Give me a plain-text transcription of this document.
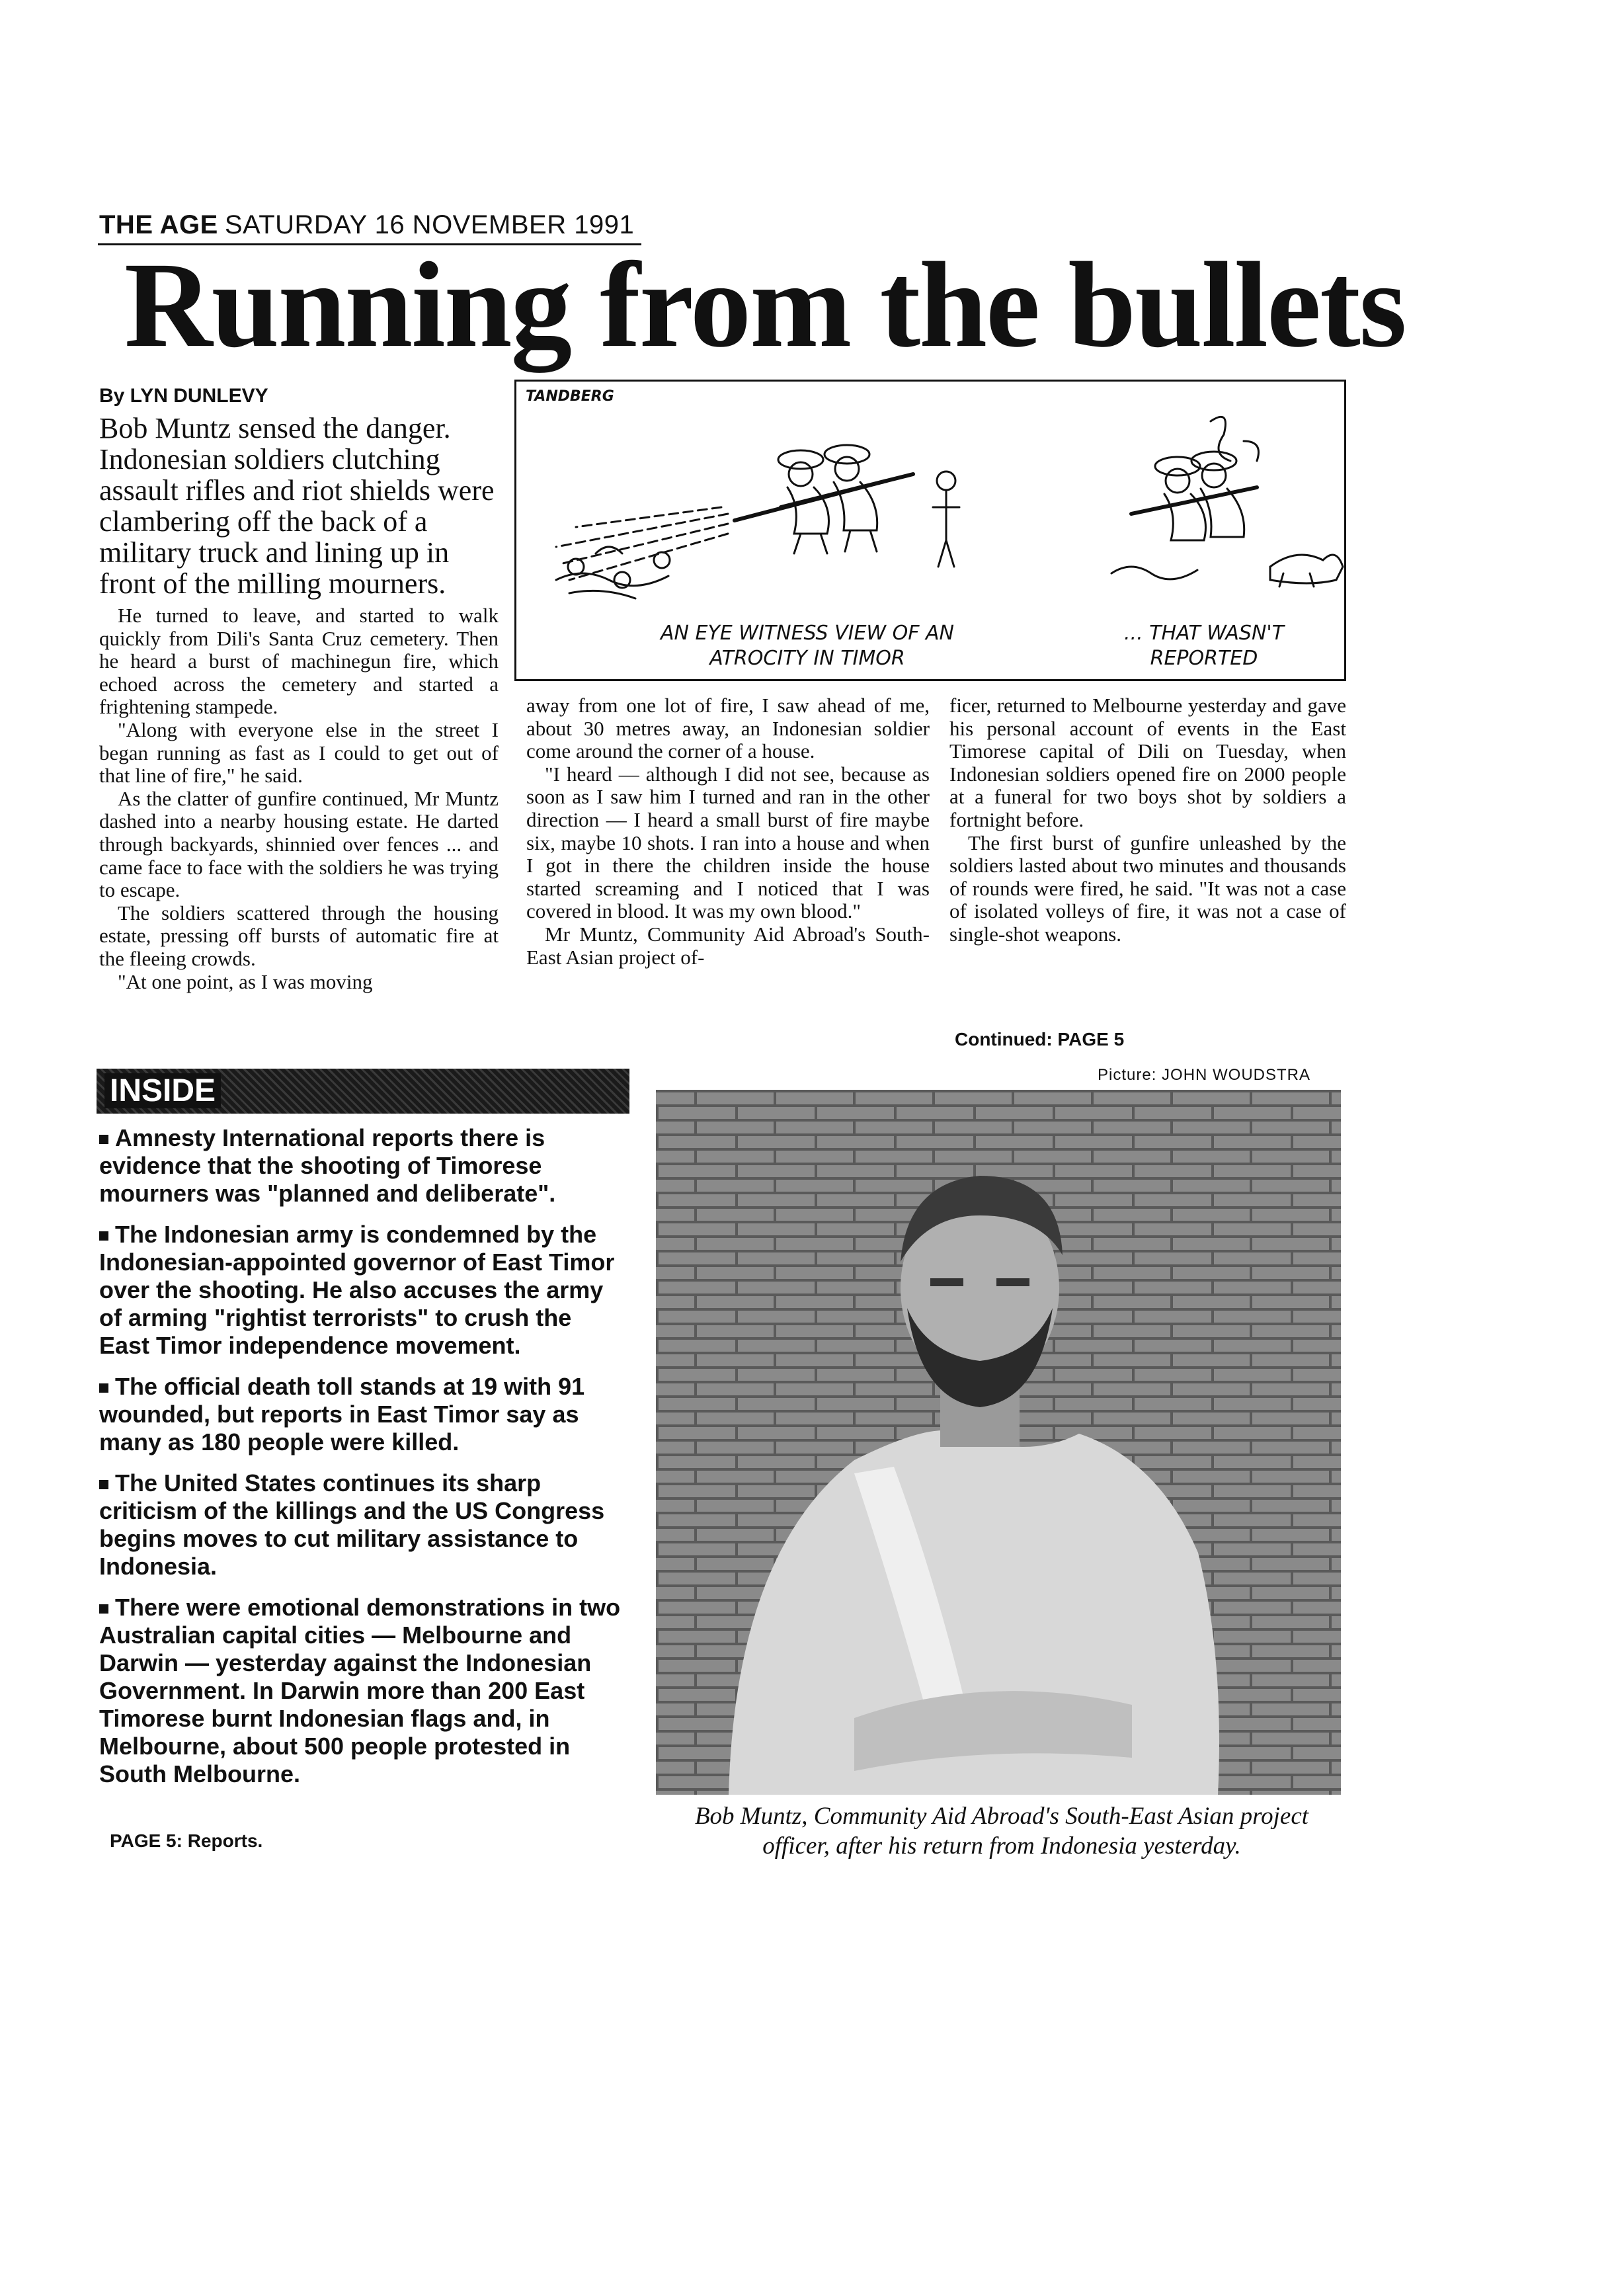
THE AGE SATURDAY 16 NOVEMBER 1991
Running from the bullets
By LYN DUNLEVY

Bob Muntz sensed the danger. Indonesian soldiers clutching assault rifles and riot shields were clambering off the back of a military truck and lining up in front of the milling mourners.

He turned to leave, and started to walk quickly from Dili's Santa Cruz cemetery. Then he heard a burst of machinegun fire, which echoed across the cemetery and started a frightening stampede.

"Along with everyone else in the street I began running as fast as I could to get out of that line of fire," he said.

As the clatter of gunfire continued, Mr Muntz dashed into a nearby housing estate. He darted through backyards, shinnied over fences ... and came face to face with the soldiers he was trying to escape.

The soldiers scattered through the housing estate, pressing off bursts of automatic fire at the fleeing crowds.

"At one point, as I was moving

TANDBERG
AN EYE WITNESS VIEW OF AN ATROCITY IN TIMOR
... THAT WASN'T REPORTED

away from one lot of fire, I saw ahead of me, about 30 metres away, an Indonesian soldier come around the corner of a house.

"I heard — although I did not see, because as soon as I saw him I turned and ran in the other direction — I heard a small burst of fire maybe six, maybe 10 shots. I ran into a house and when I got in there the children inside the house started screaming and I noticed that I was covered in blood. It was my own blood."

Mr Muntz, Community Aid Abroad's South-East Asian project of-

ficer, returned to Melbourne yesterday and gave his personal account of events in the East Timorese capital of Dili on Tuesday, when Indonesian soldiers opened fire on 2000 people at a funeral for two boys shot by soldiers a fortnight before.

The first burst of gunfire unleashed by the soldiers lasted about two minutes and thousands of rounds were fired, he said. "It was not a case of isolated volleys of fire, it was not a case of single-shot weapons.

Continued: PAGE 5
INSIDE

Amnesty International reports there is evidence that the shooting of Timorese mourners was "planned and deliberate".

The Indonesian army is condemned by the Indonesian-appointed governor of East Timor over the shooting. He also accuses the army of arming "rightist terrorists" to crush the East Timor independence movement.

The official death toll stands at 19 with 91 wounded, but reports in East Timor say as many as 180 people were killed.

The United States continues its sharp criticism of the killings and the US Congress begins moves to cut military assistance to Indonesia.

There were emotional demonstrations in two Australian capital cities — Melbourne and Darwin — yesterday against the Indonesian Government. In Darwin more than 200 East Timorese burnt Indonesian flags and, in Melbourne, about 500 people protested in South Melbourne.

PAGE 5: Reports.
Picture: JOHN WOUDSTRA
Bob Muntz, Community Aid Abroad's South-East Asian project officer, after his return from Indonesia yesterday.
